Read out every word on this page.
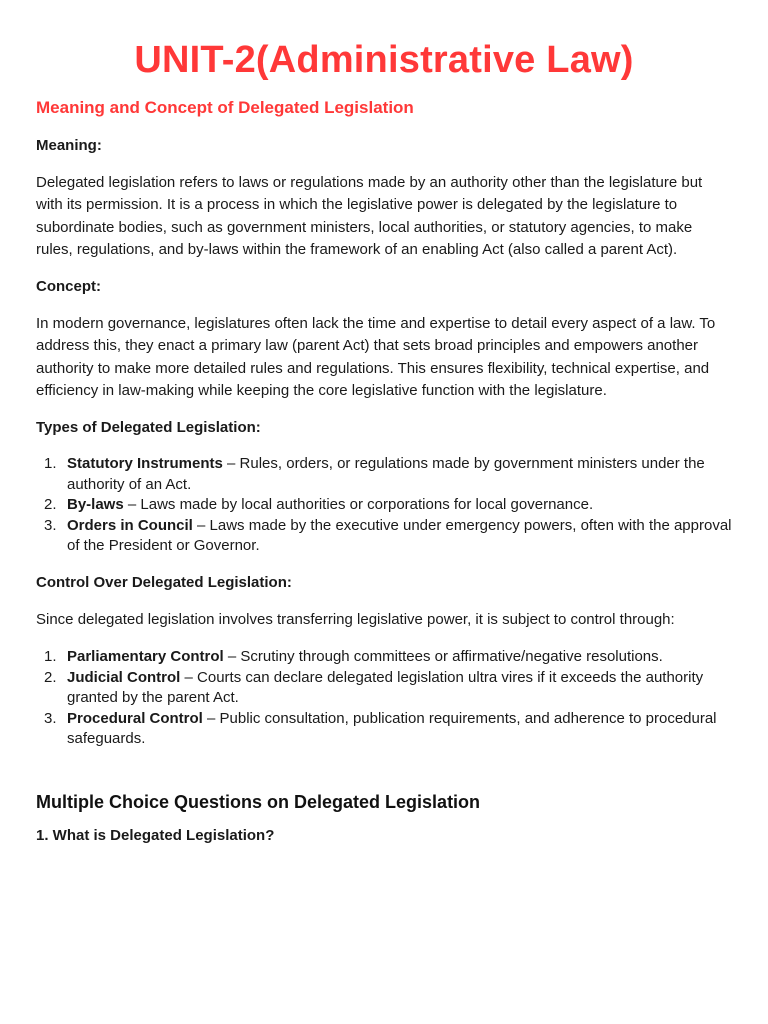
UNIT-2(Administrative Law)
Meaning and Concept of Delegated Legislation

Meaning:

Delegated legislation refers to laws or regulations made by an authority other than the legislature but with its permission. It is a process in which the legislative power is delegated by the legislature to subordinate bodies, such as government ministers, local authorities, or statutory agencies, to make rules, regulations, and by-laws within the framework of an enabling Act (also called a parent Act).

Concept:

In modern governance, legislatures often lack the time and expertise to detail every aspect of a law. To address this, they enact a primary law (parent Act) that sets broad principles and empowers another authority to make more detailed rules and regulations. This ensures flexibility, technical expertise, and efficiency in law-making while keeping the core legislative function with the legislature.

Types of Delegated Legislation:

1. Statutory Instruments – Rules, orders, or regulations made by government ministers under the authority of an Act.
2. By-laws – Laws made by local authorities or corporations for local governance.
3. Orders in Council – Laws made by the executive under emergency powers, often with the approval of the President or Governor.

Control Over Delegated Legislation:

Since delegated legislation involves transferring legislative power, it is subject to control through:

1. Parliamentary Control – Scrutiny through committees or affirmative/negative resolutions.
2. Judicial Control – Courts can declare delegated legislation ultra vires if it exceeds the authority granted by the parent Act.
3. Procedural Control – Public consultation, publication requirements, and adherence to procedural safeguards.
Multiple Choice Questions on Delegated Legislation

1. What is Delegated Legislation?
